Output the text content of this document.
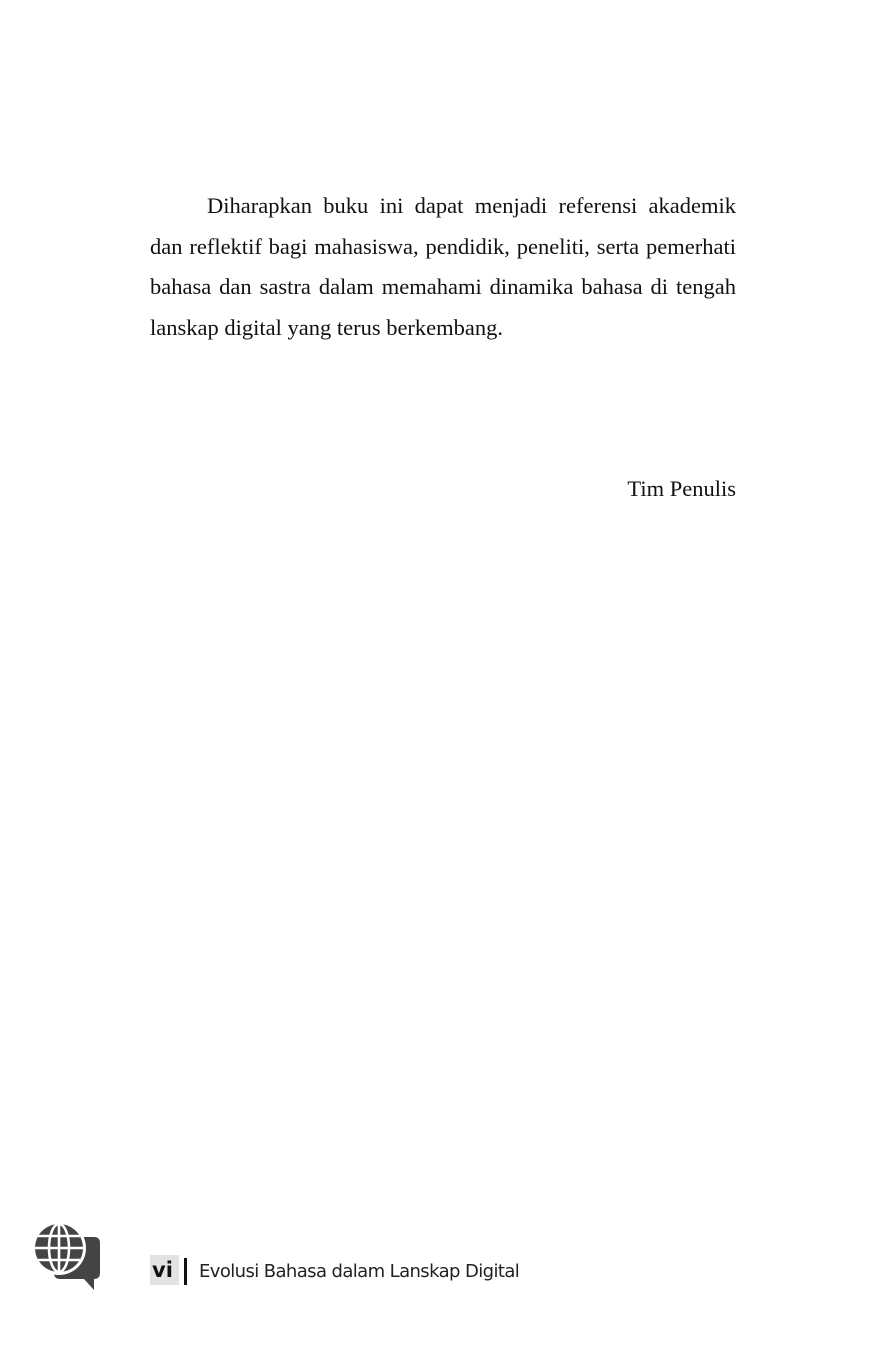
Diharapkan buku ini dapat menjadi referensi akademik dan reflektif bagi mahasiswa, pendidik, peneliti, serta pemerhati bahasa dan sastra dalam memahami dinamika bahasa di tengah lanskap digital yang terus berkembang.

Tim Penulis

vi	Evolusi Bahasa dalam Lanskap Digital
